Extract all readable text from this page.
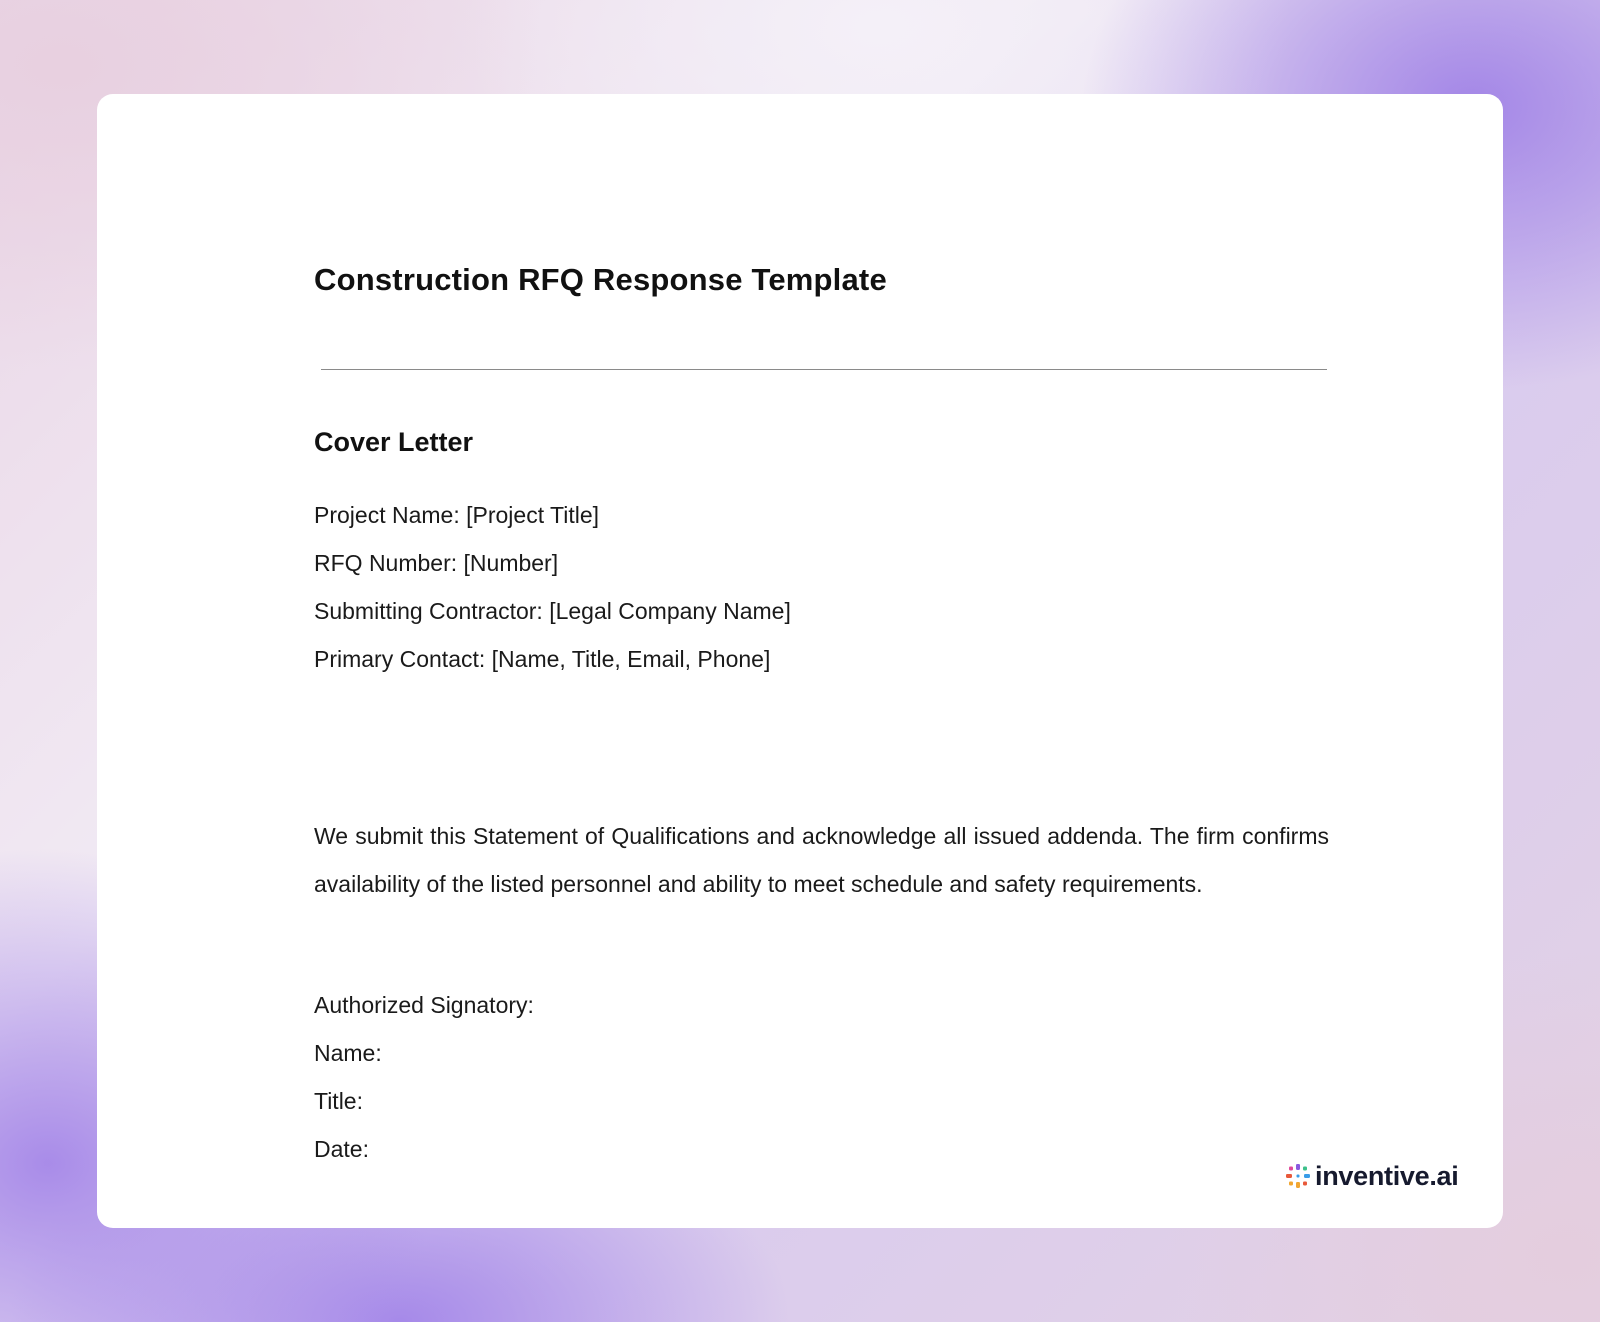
Construction RFQ Response Template
Cover Letter
Project Name: [Project Title]
RFQ Number: [Number]
Submitting Contractor: [Legal Company Name]
Primary Contact: [Name, Title, Email, Phone]

We submit this Statement of Qualifications and acknowledge all issued addenda. The firm confirms availability of the listed personnel and ability to meet schedule and safety requirements.

Authorized Signatory:
Name:
Title:
Date:
inventive.ai
